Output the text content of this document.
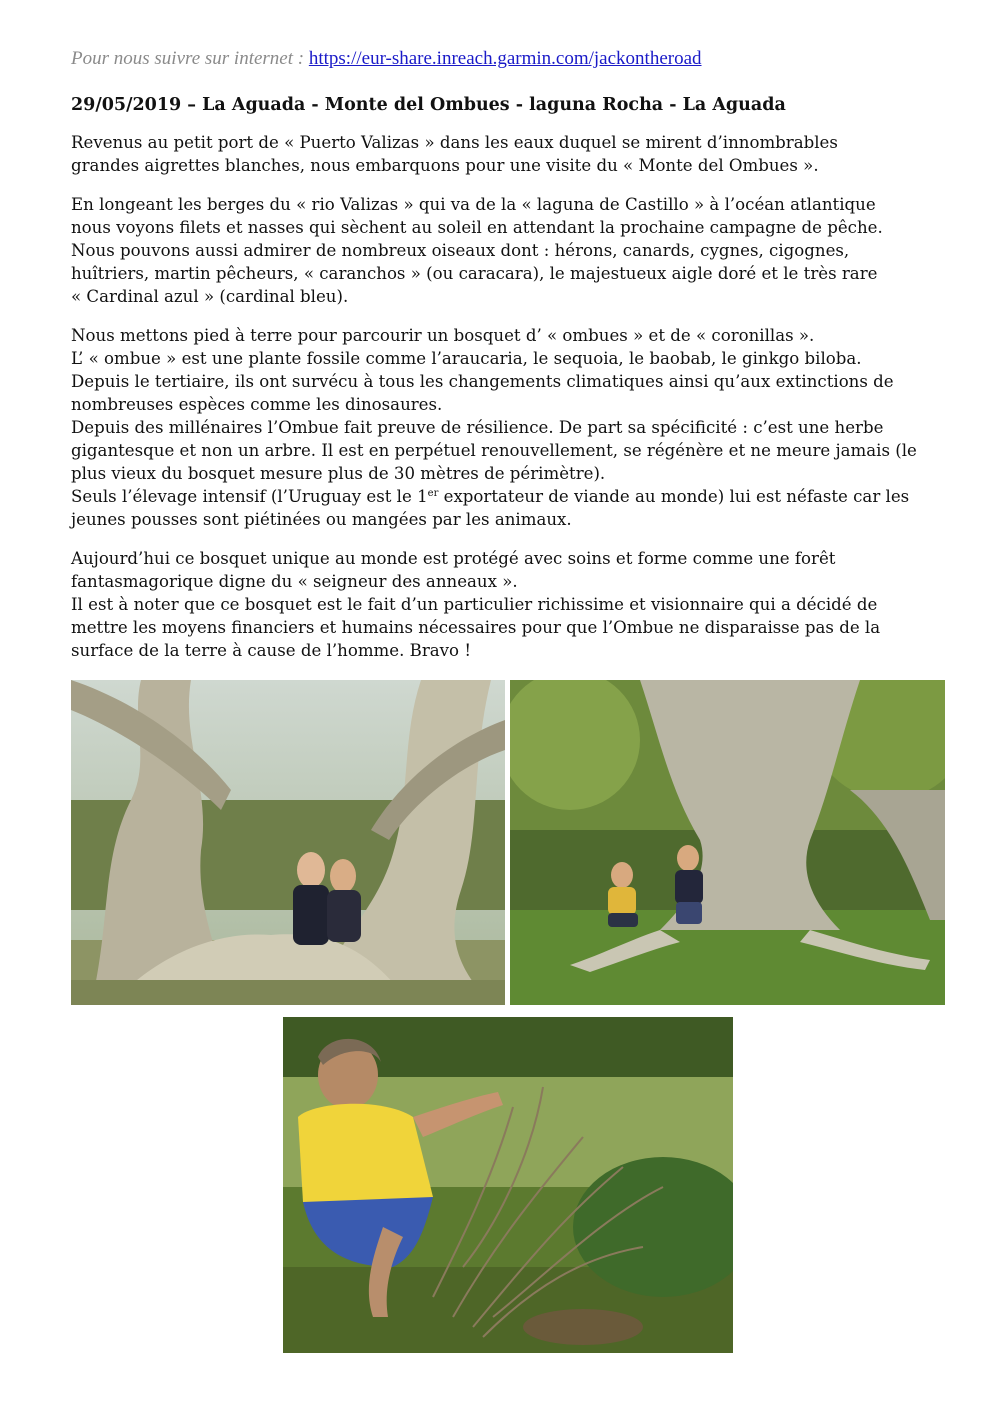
Pour nous suivre sur internet : https://eur-share.inreach.garmin.com/jackontheroad
29/05/2019 – La Aguada - Monte del Ombues - laguna Rocha - La Aguada

Revenus au petit port de « Puerto Valizas » dans les eaux duquel se mirent d’innombrables
grandes aigrettes blanches, nous embarquons pour une visite du « Monte del Ombues ».

En longeant les berges du « rio Valizas » qui va de la « laguna de Castillo » à l’océan atlantique
nous voyons filets et nasses qui sèchent au soleil en attendant la prochaine campagne de pêche.
Nous pouvons aussi admirer de nombreux oiseaux dont : hérons, canards, cygnes, cigognes,
huîtriers, martin pêcheurs, « caranchos » (ou caracara), le majestueux aigle doré et le très rare
« Cardinal azul » (cardinal bleu).

Nous mettons pied à terre pour parcourir un bosquet d’ « ombues » et de « coronillas ».
L’ « ombue » est une plante fossile comme l’araucaria, le sequoia, le baobab, le ginkgo biloba.
Depuis le tertiaire, ils ont survécu à tous les changements climatiques ainsi qu’aux extinctions de
nombreuses espèces comme les dinosaures.
Depuis des millénaires l’Ombue fait preuve de résilience. De part sa spécificité : c’est une herbe
gigantesque et non un arbre. Il est en perpétuel renouvellement, se régénère et ne meure jamais (le
plus vieux du bosquet mesure plus de 30 mètres de périmètre).
Seuls l’élevage intensif (l’Uruguay est le 1er exportateur de viande au monde) lui est néfaste car les
jeunes pousses sont piétinées ou mangées par les animaux.

Aujourd’hui ce bosquet unique au monde est protégé avec soins et forme comme une forêt
fantasmagorique digne du « seigneur des anneaux ».
Il est à noter que ce bosquet est le fait d’un particulier richissime et visionnaire qui a décidé de
mettre les moyens financiers et humains nécessaires pour que l’Ombue ne disparaisse pas de la
surface de la terre à cause de l’homme. Bravo !
